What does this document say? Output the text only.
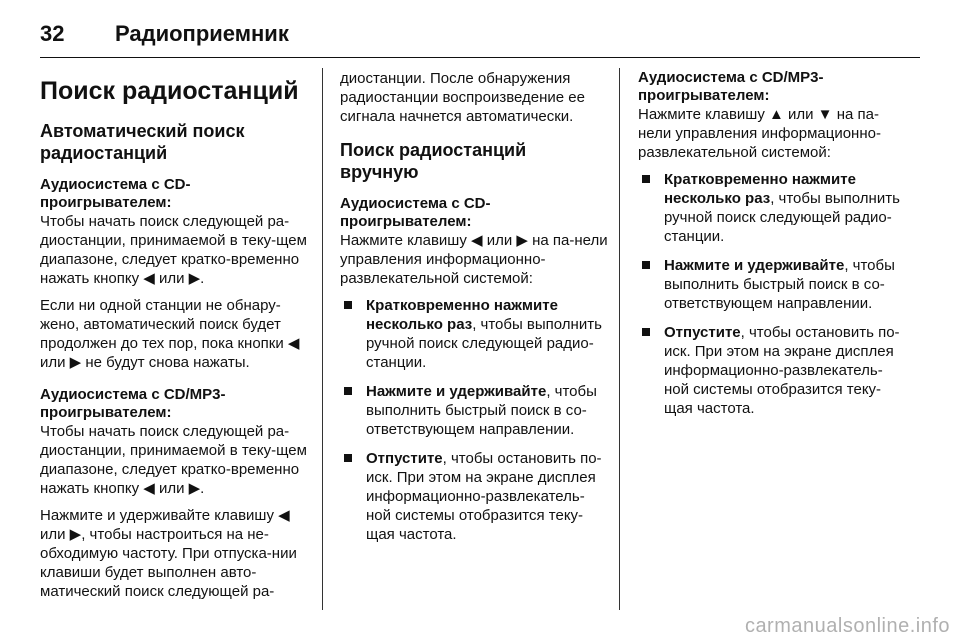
32	Радиоприемник
Поиск радиостанций
Автоматический поиск радиостанций
Аудиосистема с CD-проигрывателем:

Чтобы начать поиск следующей ра-диостанции, принимаемой в теку-щем диапазоне, следует кратко-временно нажать кнопку ◀ или ▶.

Если ни одной станции не обнару-жено, автоматический поиск будет продолжен до тех пор, пока кнопки ◀ или ▶ не будут снова нажаты.

Аудиосистема с CD/MP3-проигрывателем:

Чтобы начать поиск следующей ра-диостанции, принимаемой в теку-щем диапазоне, следует кратко-временно нажать кнопку ◀ или ▶.

Нажмите и удерживайте клавишу ◀ или ▶, чтобы настроиться на не-обходимую частоту. При отпуска-нии клавиши будет выполнен авто-матический поиск следующей ра-

диостанции. После обнаружения радиостанции воспроизведение ее сигнала начнется автоматически.

Поиск радиостанций вручную
Аудиосистема с CD-проигрывателем:

Нажмите клавишу ◀ или ▶ на па-нели управления информационно-развлекательной системой:

Кратковременно нажмите несколько раз, чтобы выполнить ручной поиск следующей радио-станции.
Нажмите и удерживайте, чтобы выполнить быстрый поиск в со-ответствующем направлении.
Отпустите, чтобы остановить по-иск. При этом на экране дисплея информационно-развлекатель-ной системы отобразится теку-щая частота.
Аудиосистема с CD/MP3-проигрывателем:

Нажмите клавишу ▲ или ▼ на па-нели управления информационно-развлекательной системой:

Кратковременно нажмите несколько раз, чтобы выполнить ручной поиск следующей радио-станции.
Нажмите и удерживайте, чтобы выполнить быстрый поиск в со-ответствующем направлении.
Отпустите, чтобы остановить по-иск. При этом на экране дисплея информационно-развлекатель-ной системы отобразится теку-щая частота.
carmanualsonline.info
